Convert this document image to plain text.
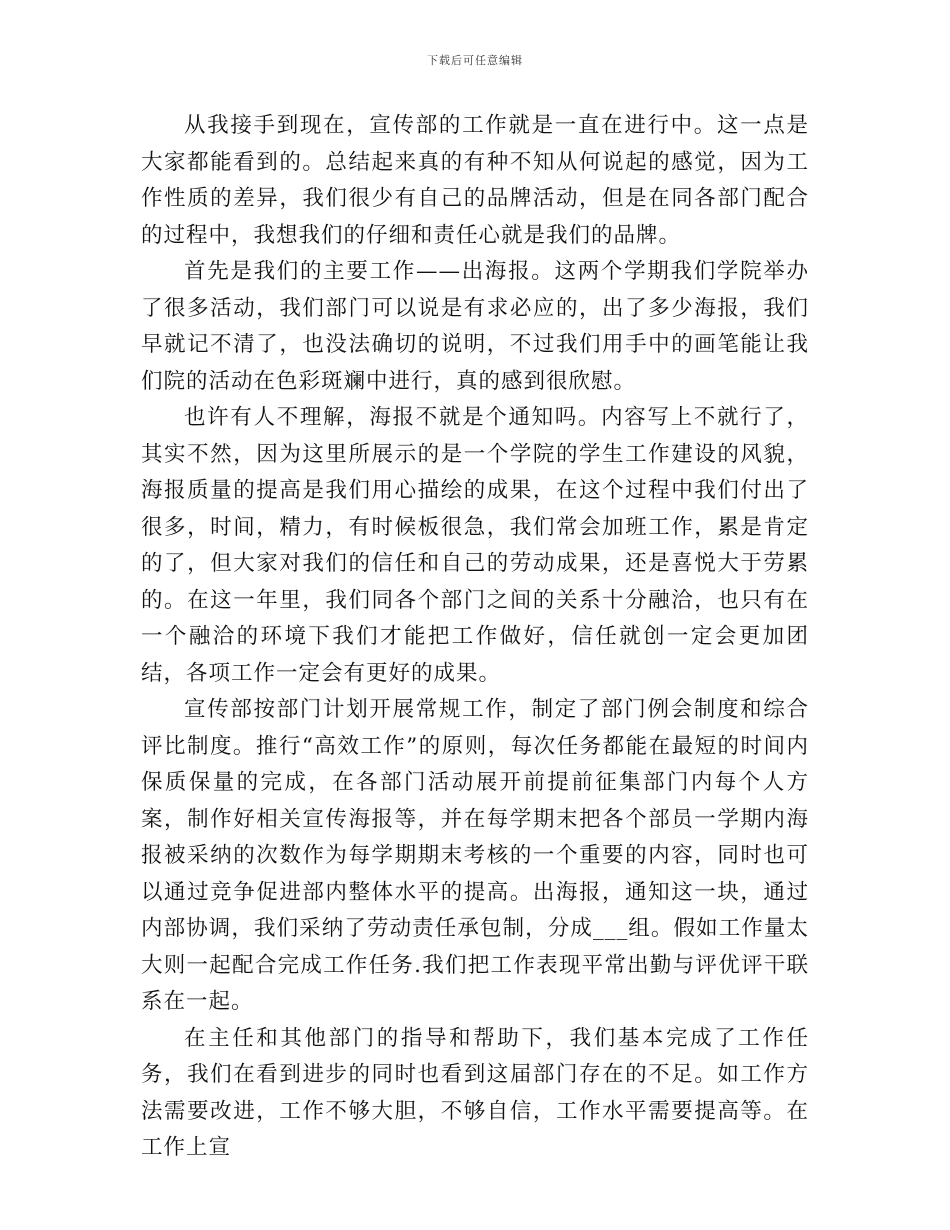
下载后可任意编辑

从我接手到现在，宣传部的工作就是一直在进行中。这一点是大家都能看到的。总结起来真的有种不知从何说起的感觉，因为工作性质的差异，我们很少有自己的品牌活动，但是在同各部门配合的过程中，我想我们的仔细和责任心就是我们的品牌。

首先是我们的主要工作——出海报。这两个学期我们学院举办了很多活动，我们部门可以说是有求必应的，出了多少海报，我们早就记不清了，也没法确切的说明，不过我们用手中的画笔能让我们院的活动在色彩斑斓中进行，真的感到很欣慰。

也许有人不理解，海报不就是个通知吗。内容写上不就行了，其实不然，因为这里所展示的是一个学院的学生工作建设的风貌，海报质量的提高是我们用心描绘的成果，在这个过程中我们付出了很多，时间，精力，有时候板很急，我们常会加班工作，累是肯定的了，但大家对我们的信任和自己的劳动成果，还是喜悦大于劳累的。在这一年里，我们同各个部门之间的关系十分融洽，也只有在一个融洽的环境下我们才能把工作做好，信任就创一定会更加团结，各项工作一定会有更好的成果。

宣传部按部门计划开展常规工作，制定了部门例会制度和综合评比制度。推行“高效工作”的原则，每次任务都能在最短的时间内保质保量的完成，在各部门活动展开前提前征集部门内每个人方案，制作好相关宣传海报等，并在每学期末把各个部员一学期内海报被采纳的次数作为每学期期末考核的一个重要的内容，同时也可以通过竞争促进部内整体水平的提高。出海报，通知这一块，通过内部协调，我们采纳了劳动责任承包制，分成___组。假如工作量太大则一起配合完成工作任务.我们把工作表现平常出勤与评优评干联系在一起。

在主任和其他部门的指导和帮助下，我们基本完成了工作任务，我们在看到进步的同时也看到这届部门存在的不足。如工作方法需要改进，工作不够大胆，不够自信，工作水平需要提高等。在工作上宣
